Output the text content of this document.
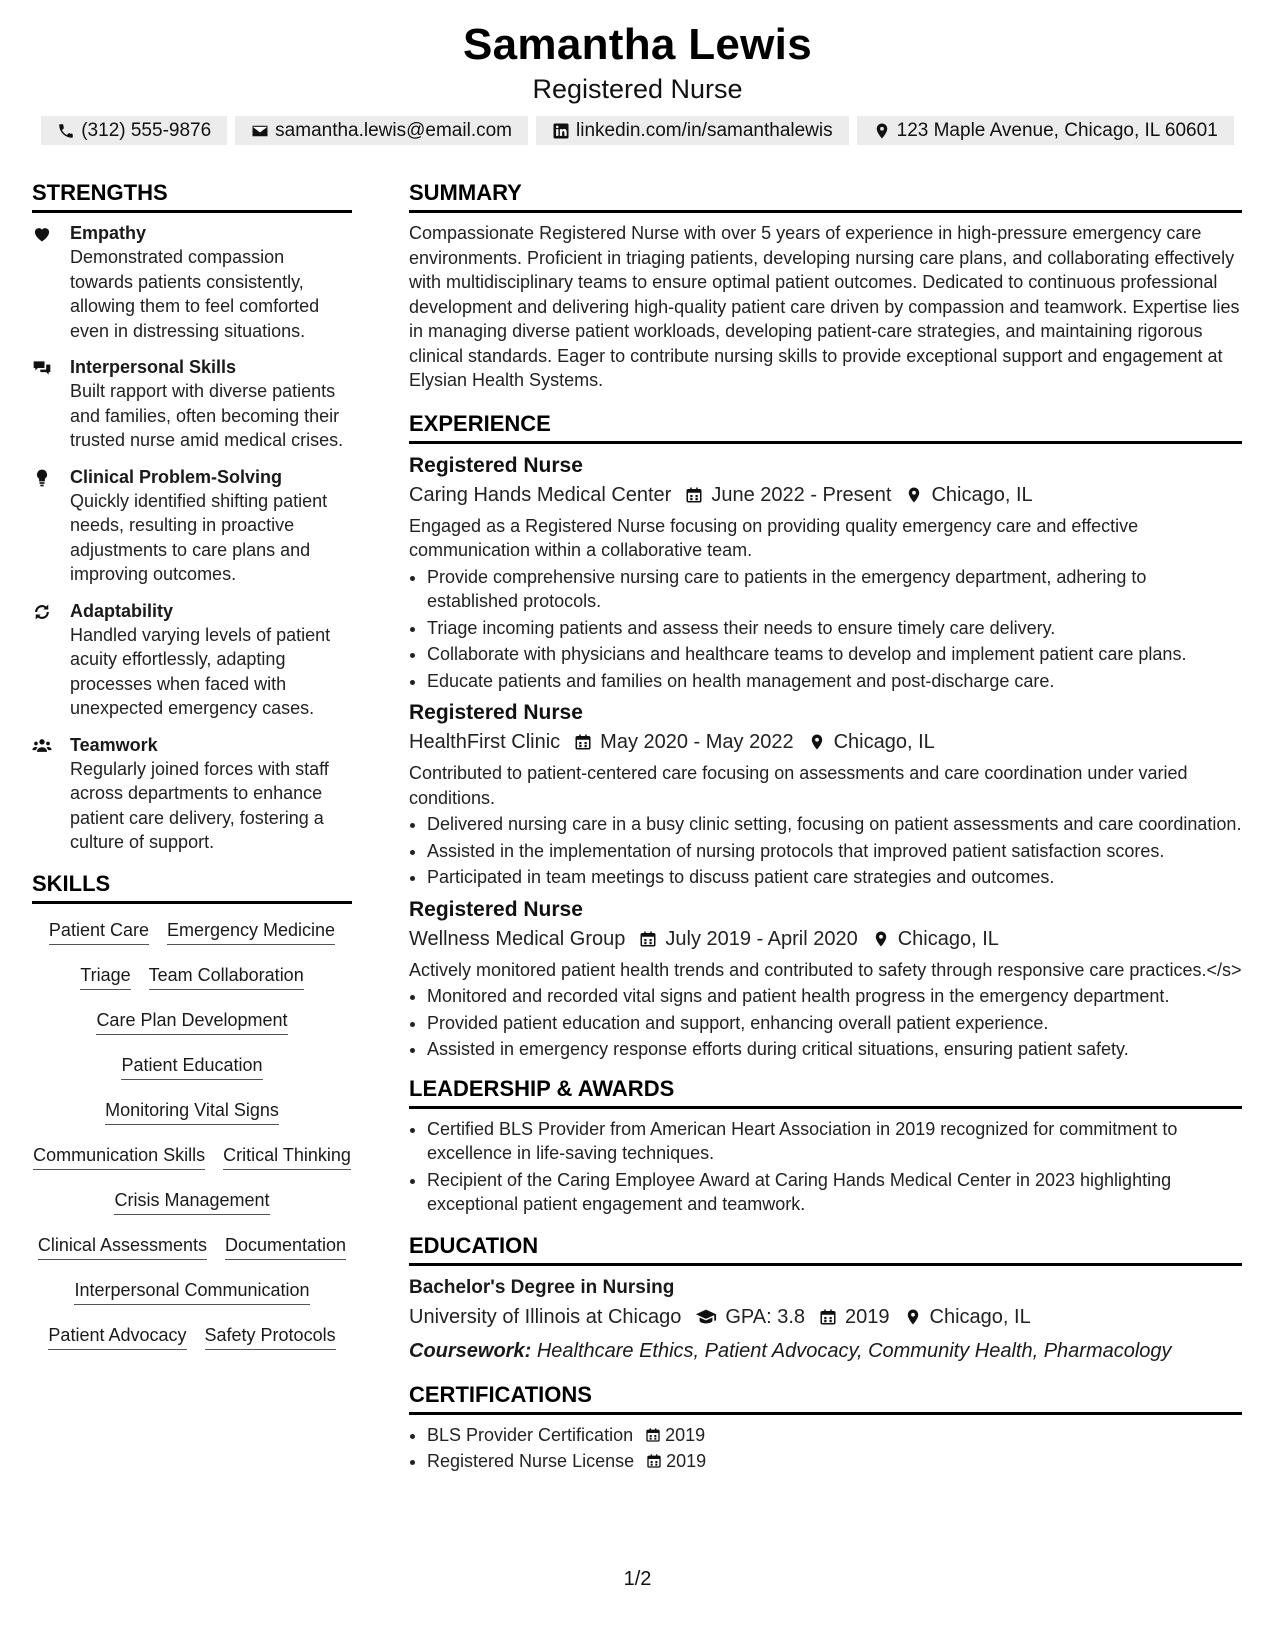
Samantha Lewis
Registered Nurse
(312) 555-9876	samantha.lewis@email.com	linkedin.com/in/samanthalewis	123 Maple Avenue, Chicago, IL 60601
STRENGTHS
Empathy
Demonstrated compassion towards patients consistently, allowing them to feel comforted even in distressing situations.
Interpersonal Skills
Built rapport with diverse patients and families, often becoming their trusted nurse amid medical crises.
Clinical Problem-Solving
Quickly identified shifting patient needs, resulting in proactive adjustments to care plans and improving outcomes.
Adaptability
Handled varying levels of patient acuity effortlessly, adapting processes when faced with unexpected emergency cases.
Teamwork
Regularly joined forces with staff across departments to enhance patient care delivery, fostering a culture of support.
SKILLS
Patient Care Emergency Medicine
Triage Team Collaboration
Care Plan Development
Patient Education
Monitoring Vital Signs
Communication Skills Critical Thinking
Crisis Management
Clinical Assessments Documentation
Interpersonal Communication
Patient Advocacy Safety Protocols
SUMMARY
Compassionate Registered Nurse with over 5 years of experience in high-pressure emergency care environments. Proficient in triaging patients, developing nursing care plans, and collaborating effectively with multidisciplinary teams to ensure optimal patient outcomes. Dedicated to continuous professional development and delivering high-quality patient care driven by compassion and teamwork. Expertise lies in managing diverse patient workloads, developing patient-care strategies, and maintaining rigorous clinical standards. Eager to contribute nursing skills to provide exceptional support and engagement at Elysian Health Systems.
EXPERIENCE
Registered Nurse
Caring Hands Medical Center June 2022 - Present Chicago, IL
Engaged as a Registered Nurse focusing on providing quality emergency care and effective communication within a collaborative team.
• Provide comprehensive nursing care to patients in the emergency department, adhering to established protocols.
• Triage incoming patients and assess their needs to ensure timely care delivery.
• Collaborate with physicians and healthcare teams to develop and implement patient care plans.
• Educate patients and families on health management and post-discharge care.
Registered Nurse
HealthFirst Clinic May 2020 - May 2022 Chicago, IL
Contributed to patient-centered care focusing on assessments and care coordination under varied conditions.
• Delivered nursing care in a busy clinic setting, focusing on patient assessments and care coordination.
• Assisted in the implementation of nursing protocols that improved patient satisfaction scores.
• Participated in team meetings to discuss patient care strategies and outcomes.
Registered Nurse
Wellness Medical Group July 2019 - April 2020 Chicago, IL
Actively monitored patient health trends and contributed to safety through responsive care practices.</s>
• Monitored and recorded vital signs and patient health progress in the emergency department.
• Provided patient education and support, enhancing overall patient experience.
• Assisted in emergency response efforts during critical situations, ensuring patient safety.
LEADERSHIP & AWARDS
• Certified BLS Provider from American Heart Association in 2019 recognized for commitment to excellence in life-saving techniques.
• Recipient of the Caring Employee Award at Caring Hands Medical Center in 2023 highlighting exceptional patient engagement and teamwork.
EDUCATION
Bachelor's Degree in Nursing
University of Illinois at Chicago GPA: 3.8 2019 Chicago, IL
Coursework: Healthcare Ethics, Patient Advocacy, Community Health, Pharmacology
CERTIFICATIONS
• BLS Provider Certification 2019
• Registered Nurse License 2019
1/2
